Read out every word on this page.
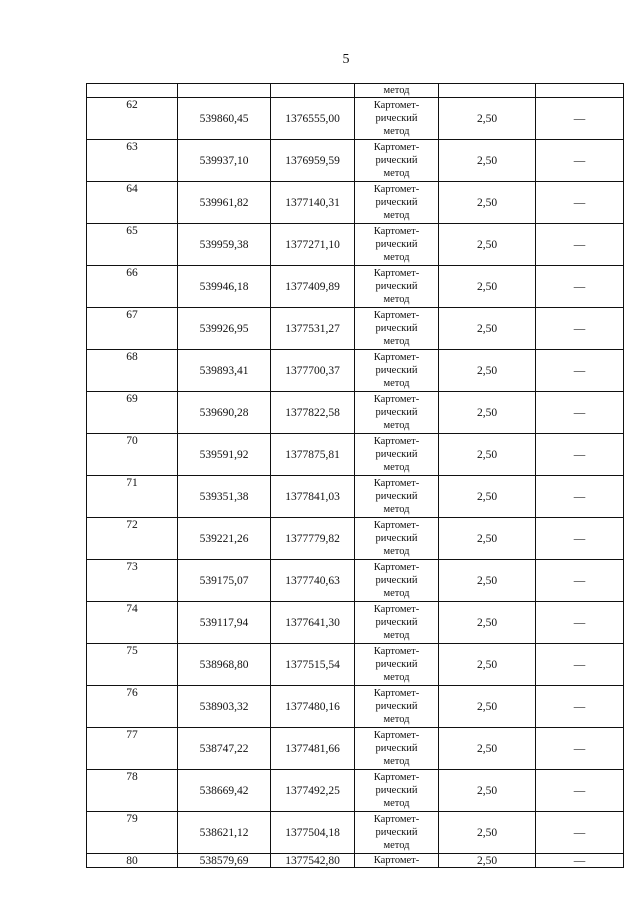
5
			метод		
62	539860,45	1376555,00	Картомет-
рический
метод	2,50	—
63	539937,10	1376959,59	Картомет-
рический
метод	2,50	—
64	539961,82	1377140,31	Картомет-
рический
метод	2,50	—
65	539959,38	1377271,10	Картомет-
рический
метод	2,50	—
66	539946,18	1377409,89	Картомет-
рический
метод	2,50	—
67	539926,95	1377531,27	Картомет-
рический
метод	2,50	—
68	539893,41	1377700,37	Картомет-
рический
метод	2,50	—
69	539690,28	1377822,58	Картомет-
рический
метод	2,50	—
70	539591,92	1377875,81	Картомет-
рический
метод	2,50	—
71	539351,38	1377841,03	Картомет-
рический
метод	2,50	—
72	539221,26	1377779,82	Картомет-
рический
метод	2,50	—
73	539175,07	1377740,63	Картомет-
рический
метод	2,50	—
74	539117,94	1377641,30	Картомет-
рический
метод	2,50	—
75	538968,80	1377515,54	Картомет-
рический
метод	2,50	—
76	538903,32	1377480,16	Картомет-
рический
метод	2,50	—
77	538747,22	1377481,66	Картомет-
рический
метод	2,50	—
78	538669,42	1377492,25	Картомет-
рический
метод	2,50	—
79	538621,12	1377504,18	Картомет-
рический
метод	2,50	—
80	538579,69	1377542,80	Картомет-	2,50	—
